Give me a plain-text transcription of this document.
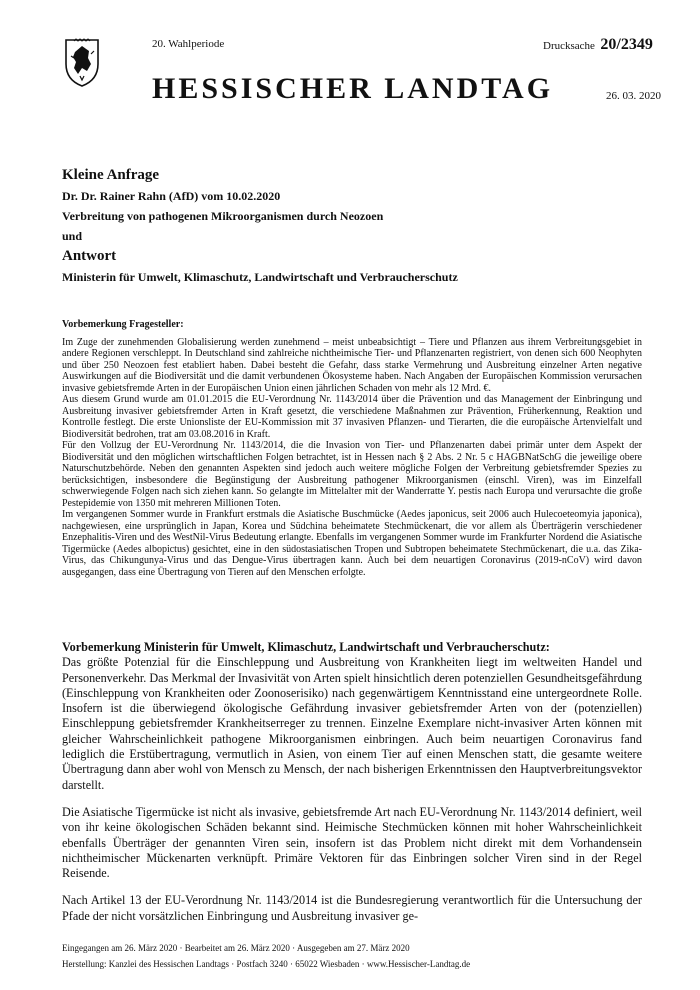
20. Wahlperiode	Drucksache 20/2349
HESSISCHER LANDTAG	26. 03. 2020
Kleine Anfrage
Dr. Dr. Rainer Rahn (AfD) vom 10.02.2020
Verbreitung von pathogenen Mikroorganismen durch Neozoen
und
Antwort
Ministerin für Umwelt, Klimaschutz, Landwirtschaft und Verbraucherschutz

Vorbemerkung Fragesteller:

Im Zuge der zunehmenden Globalisierung werden zunehmend – meist unbeabsichtigt – Tiere und Pflanzen aus ihrem Verbreitungsgebiet in andere Regionen verschleppt. In Deutschland sind zahlreiche nichtheimische Tier- und Pflanzenarten registriert, von denen sich 600 Neophyten und über 250 Neozoen fest etabliert haben. Dabei besteht die Gefahr, dass starke Vermehrung und Ausbreitung einzelner Arten negative Auswirkungen auf die Biodiversität und die damit verbundenen Ökosysteme haben. Nach Angaben der Europäischen Kommission verursachen invasive gebietsfremde Arten in der Europäischen Union einen jährlichen Schaden von mehr als 12 Mrd. €.

Aus diesem Grund wurde am 01.01.2015 die EU-Verordnung Nr. 1143/2014 über die Prävention und das Management der Einbringung und Ausbreitung invasiver gebietsfremder Arten in Kraft gesetzt, die verschiedene Maßnahmen zur Prävention, Früherkennung, Reaktion und Kontrolle festlegt. Die erste Unionsliste der EU-Kommission mit 37 invasiven Pflanzen- und Tierarten, die die europäische Artenvielfalt und Biodiversität bedrohen, trat am 03.08.2016 in Kraft.

Für den Vollzug der EU-Verordnung Nr. 1143/2014, die die Invasion von Tier- und Pflanzenarten dabei primär unter dem Aspekt der Biodiversität und den möglichen wirtschaftlichen Folgen betrachtet, ist in Hessen nach § 2 Abs. 2 Nr. 5 c HAGBNatSchG die jeweilige obere Naturschutzbehörde. Neben den genannten Aspekten sind jedoch auch weitere mögliche Folgen der Verbreitung gebietsfremder Spezies zu berücksichtigen, insbesondere die Begünstigung der Ausbreitung pathogener Mikroorganismen (einschl. Viren), was im Einzelfall schwerwiegende Folgen nach sich ziehen kann. So gelangte im Mittelalter mit der Wanderratte Y. pestis nach Europa und verursachte die große Pestepidemie von 1350 mit mehreren Millionen Toten.

Im vergangenen Sommer wurde in Frankfurt erstmals die Asiatische Buschmücke (Aedes japonicus, seit 2006 auch Hulecoeteomyia japonica), nachgewiesen, eine ursprünglich in Japan, Korea und Südchina beheimatete Stechmückenart, die vor allem als Überträgerin verschiedener Enzephalitis-Viren und des WestNil-Virus Bedeutung erlangte. Ebenfalls im vergangenen Sommer wurde im Frankfurter Nordend die Asiatische Tigermücke (Aedes albopictus) gesichtet, eine in den südostasiatischen Tropen und Subtropen beheimatete Stechmückenart, die u.a. das Zika-Virus, das Chikungunya-Virus und das Dengue-Virus übertragen kann. Auch bei dem neuartigen Coronavirus (2019-nCoV) wird davon ausgegangen, dass eine Übertragung von Tieren auf den Menschen erfolgte.

Vorbemerkung Ministerin für Umwelt, Klimaschutz, Landwirtschaft und Verbraucherschutz:
Das größte Potenzial für die Einschleppung und Ausbreitung von Krankheiten liegt im weltweiten Handel und Personenverkehr. Das Merkmal der Invasivität von Arten spielt hinsichtlich deren potenziellen Gesundheitsgefährdung (Einschleppung von Krankheiten oder Zoonoserisiko) nach gegenwärtigem Kenntnisstand eine untergeordnete Rolle. Insofern ist die überwiegend ökologische Gefährdung invasiver gebietsfremder Arten von der (potenziellen) Einschleppung gebietsfremder Krankheitserreger zu trennen. Einzelne Exemplare nicht-invasiver Arten können mit gleicher Wahrscheinlichkeit pathogene Mikroorganismen einbringen. Auch beim neuartigen Coronavirus fand lediglich die Erstübertragung, vermutlich in Asien, von einem Tier auf einen Menschen statt, die gesamte weitere Übertragung dann aber wohl von Mensch zu Mensch, der nach bisherigen Erkenntnissen den Hauptverbreitungsvektor darstellt.

Die Asiatische Tigermücke ist nicht als invasive, gebietsfremde Art nach EU-Verordnung Nr. 1143/2014 definiert, weil von ihr keine ökologischen Schäden bekannt sind. Heimische Stechmücken können mit hoher Wahrscheinlichkeit ebenfalls Überträger der genannten Viren sein, insofern ist das Problem nicht direkt mit dem Vorhandensein nichtheimischer Mückenarten verknüpft. Primäre Vektoren für das Einbringen solcher Viren sind in der Regel Reisende.

Nach Artikel 13 der EU-Verordnung Nr. 1143/2014 ist die Bundesregierung verantwortlich für die Untersuchung der Pfade der nicht vorsätzlichen Einbringung und Ausbreitung invasiver ge-

Eingegangen am 26. März 2020 · Bearbeitet am 26. März 2020 · Ausgegeben am 27. März 2020
Herstellung: Kanzlei des Hessischen Landtags · Postfach 3240 · 65022 Wiesbaden · www.Hessischer-Landtag.de
